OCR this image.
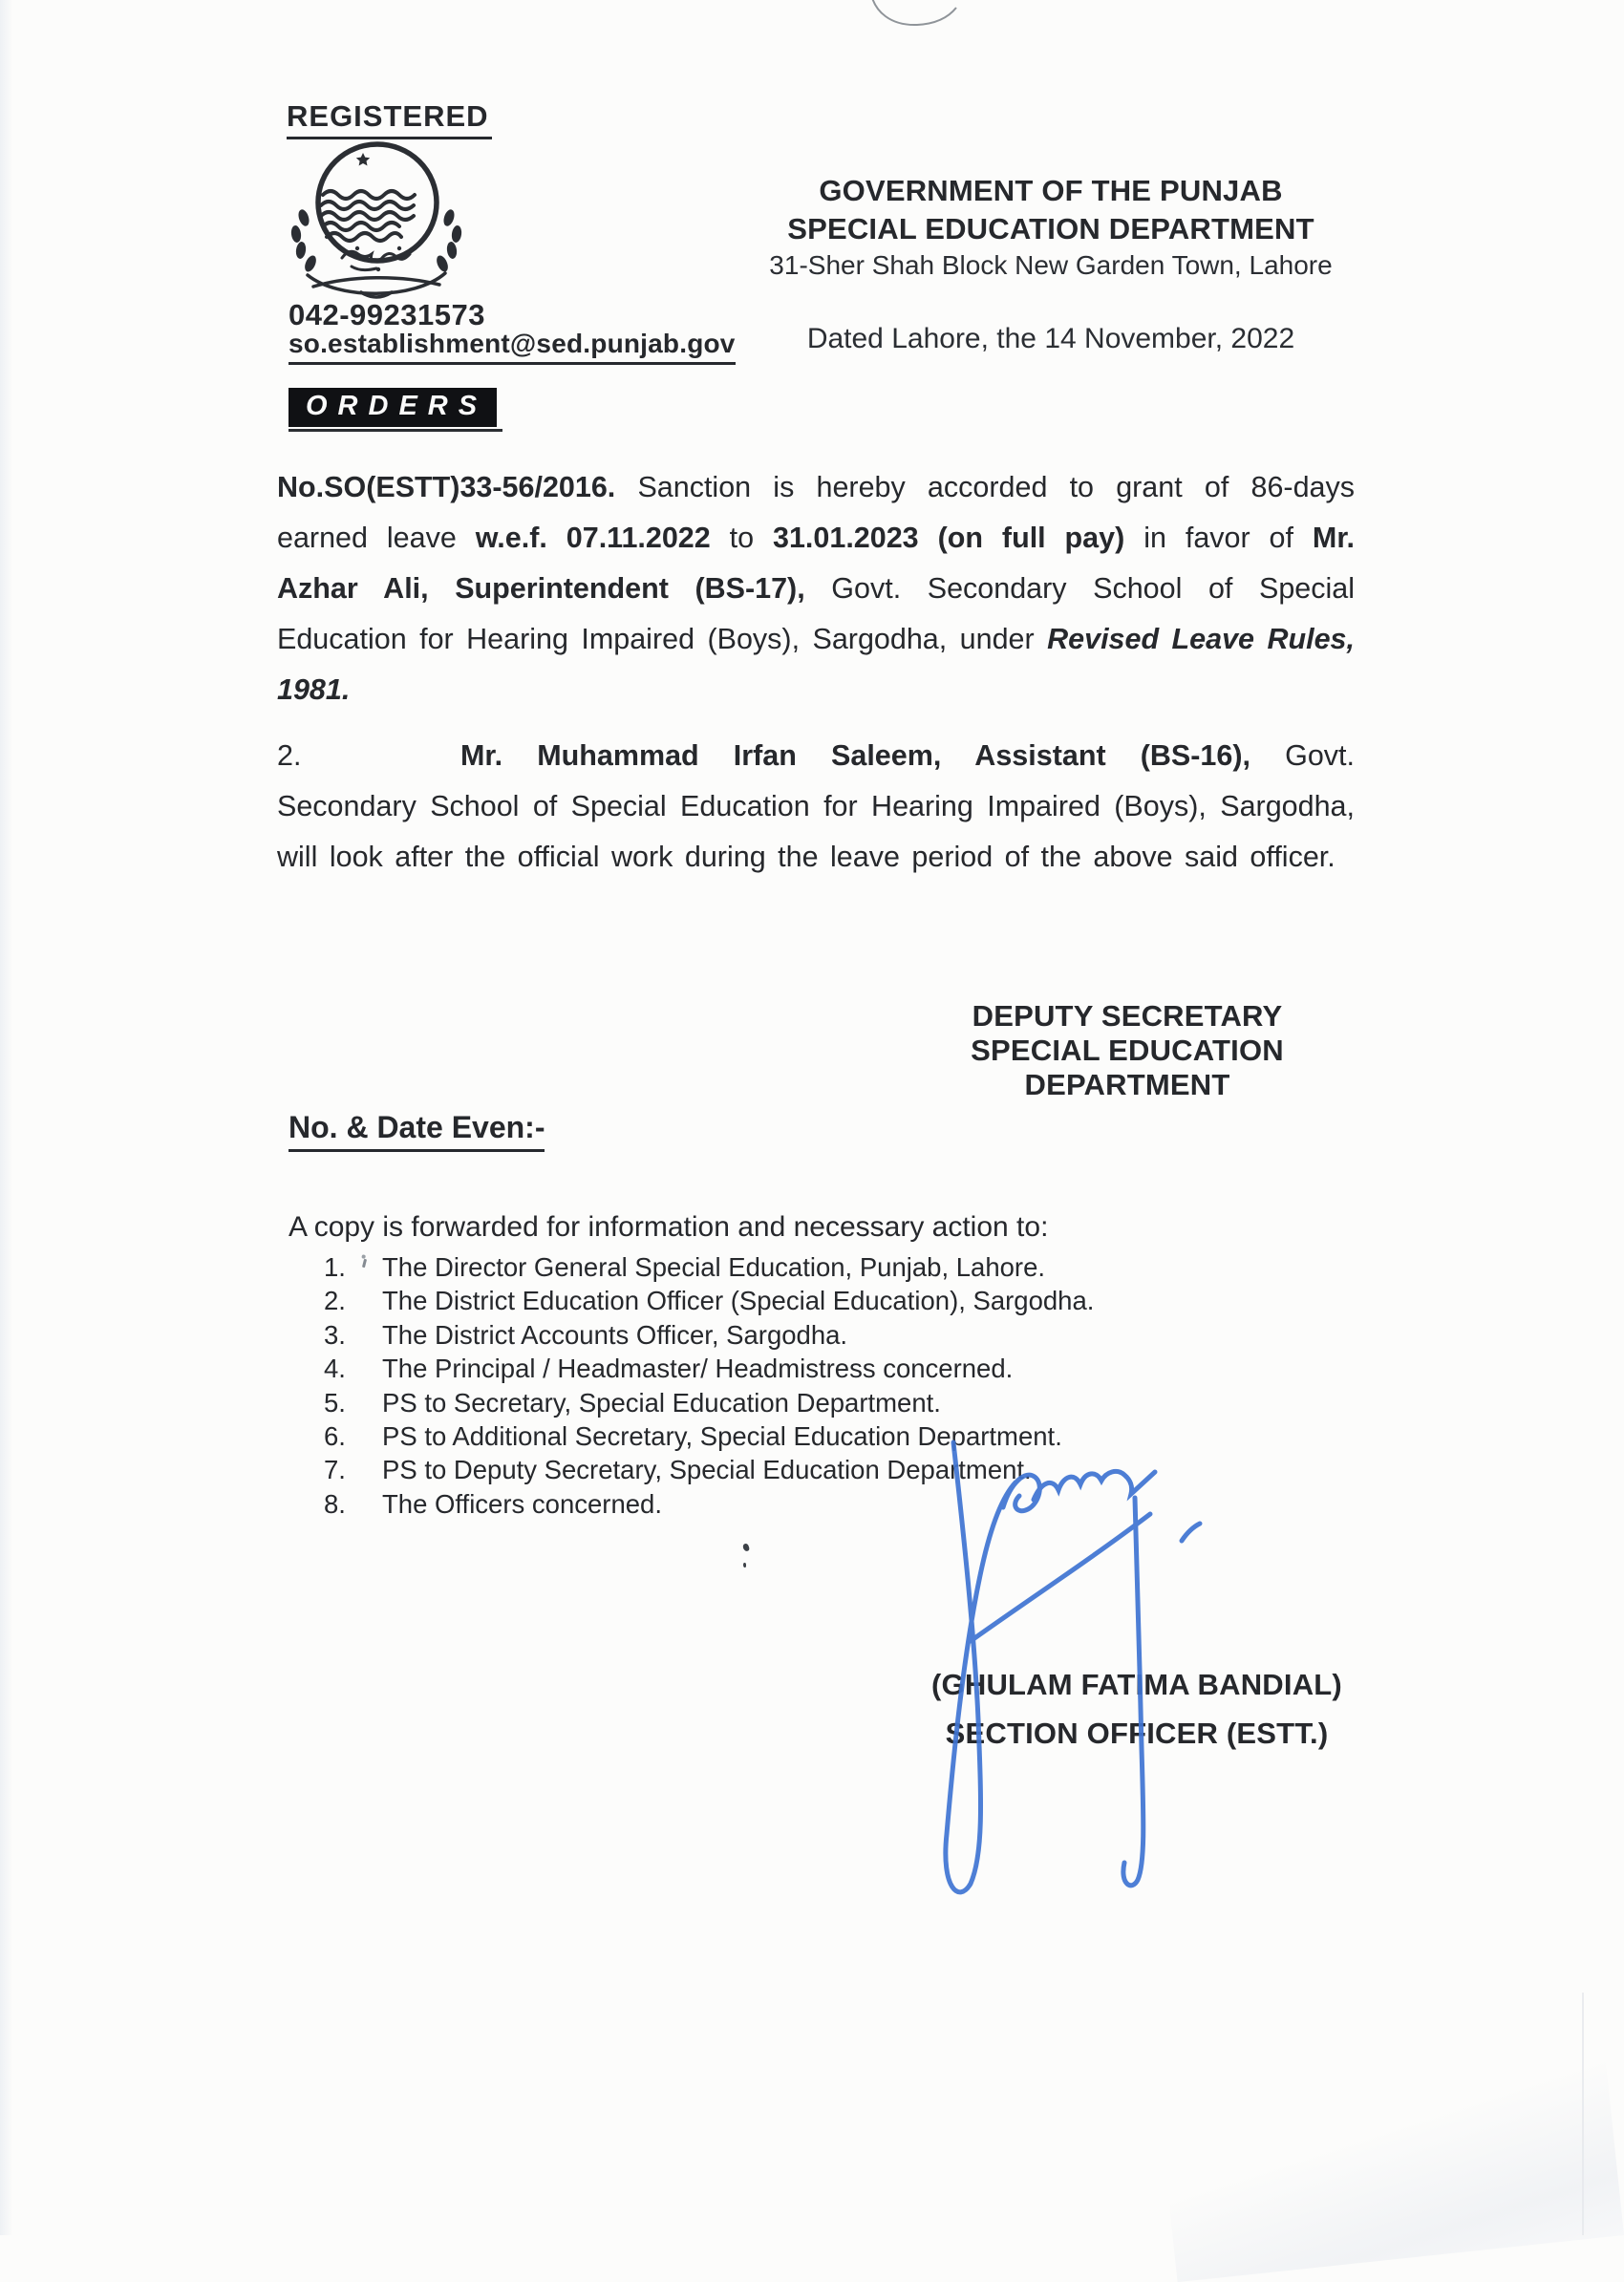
REGISTERED
042-99231573
so.establishment@sed.punjab.gov
GOVERNMENT OF THE PUNJAB
SPECIAL EDUCATION DEPARTMENT
31-Sher Shah Block New Garden Town, Lahore
Dated Lahore, the 14 November, 2022
ORDERS
No.SO(ESTT)33-56/2016. Sanction is hereby accorded to grant of 86-days earned leave w.e.f. 07.11.2022 to 31.01.2023 (on full pay) in favor of Mr. Azhar Ali, Superintendent (BS-17), Govt. Secondary School of Special Education for Hearing Impaired (Boys), Sargodha, under Revised Leave Rules, 1981.
2.	Mr. Muhammad Irfan Saleem, Assistant (BS-16), Govt. Secondary School of Special Education for Hearing Impaired (Boys), Sargodha, will look after the official work during the leave period of the above said officer.
DEPUTY SECRETARY
SPECIAL EDUCATION
DEPARTMENT
No. & Date Even:-
A copy is forwarded for information and necessary action to:
1.	The Director General Special Education, Punjab, Lahore.
2.	The District Education Officer (Special Education), Sargodha.
3.	The District Accounts Officer, Sargodha.
4.	The Principal / Headmaster/ Headmistress concerned.
5.	PS to Secretary, Special Education Department.
6.	PS to Additional Secretary, Special Education Department.
7.	PS to Deputy Secretary, Special Education Department.
8.	The Officers concerned.
(GHULAM FATIMA BANDIAL)
SECTION OFFICER (ESTT.)
